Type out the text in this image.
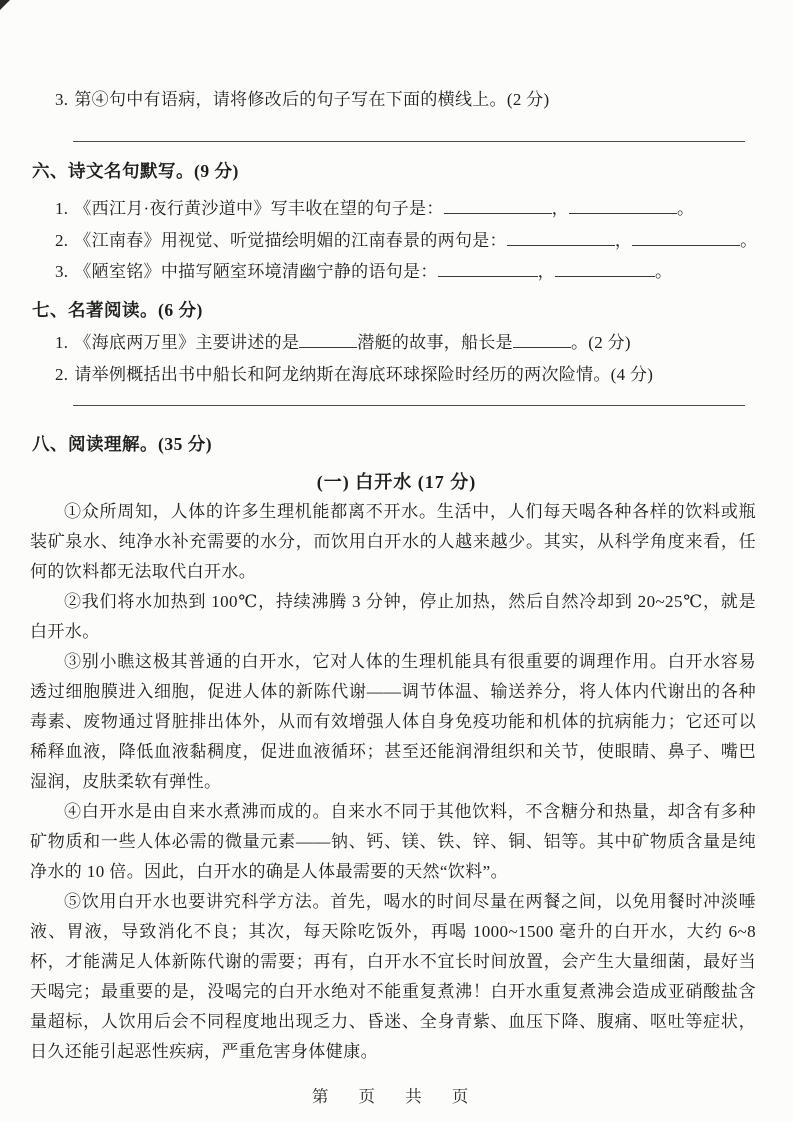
3. 第④句中有语病，请将修改后的句子写在下面的横线上。(2 分)
六、诗文名句默写。(9 分)
1. 《西江月·夜行黄沙道中》写丰收在望的句子是：	，	。
2. 《江南春》用视觉、听觉描绘明媚的江南春景的两句是：	，	。
3. 《陋室铭》中描写陋室环境清幽宁静的语句是：	，	。
七、名著阅读。(6 分)
1. 《海底两万里》主要讲述的是	潜艇的故事，船长是	。(2 分)
2. 请举例概括出书中船长和阿龙纳斯在海底环球探险时经历的两次险情。(4 分)
八、阅读理解。(35 分)
(一) 白开水 (17 分)

①众所周知，人体的许多生理机能都离不开水。生活中，人们每天喝各种各样的饮料或瓶装矿泉水、纯净水补充需要的水分，而饮用白开水的人越来越少。其实，从科学角度来看，任何的饮料都无法取代白开水。

②我们将水加热到 100℃，持续沸腾 3 分钟，停止加热，然后自然冷却到 20~25℃，就是白开水。

③别小瞧这极其普通的白开水，它对人体的生理机能具有很重要的调理作用。白开水容易透过细胞膜进入细胞，促进人体的新陈代谢——调节体温、输送养分，将人体内代谢出的各种毒素、废物通过肾脏排出体外，从而有效增强人体自身免疫功能和机体的抗病能力；它还可以稀释血液，降低血液黏稠度，促进血液循环；甚至还能润滑组织和关节，使眼睛、鼻子、嘴巴湿润，皮肤柔软有弹性。

④白开水是由自来水煮沸而成的。自来水不同于其他饮料，不含糖分和热量，却含有多种矿物质和一些人体必需的微量元素——钠、钙、镁、铁、锌、铜、铝等。其中矿物质含量是纯净水的 10 倍。因此，白开水的确是人体最需要的天然“饮料”。

⑤饮用白开水也要讲究科学方法。首先，喝水的时间尽量在两餐之间，以免用餐时冲淡唾液、胃液，导致消化不良；其次，每天除吃饭外，再喝 1000~1500 毫升的白开水，大约 6~8 杯，才能满足人体新陈代谢的需要；再有，白开水不宜长时间放置，会产生大量细菌，最好当天喝完；最重要的是，没喝完的白开水绝对不能重复煮沸！白开水重复煮沸会造成亚硝酸盐含量超标，人饮用后会不同程度地出现乏力、昏迷、全身青紫、血压下降、腹痛、呕吐等症状，日久还能引起恶性疾病，严重危害身体健康。

第 页 共 页
